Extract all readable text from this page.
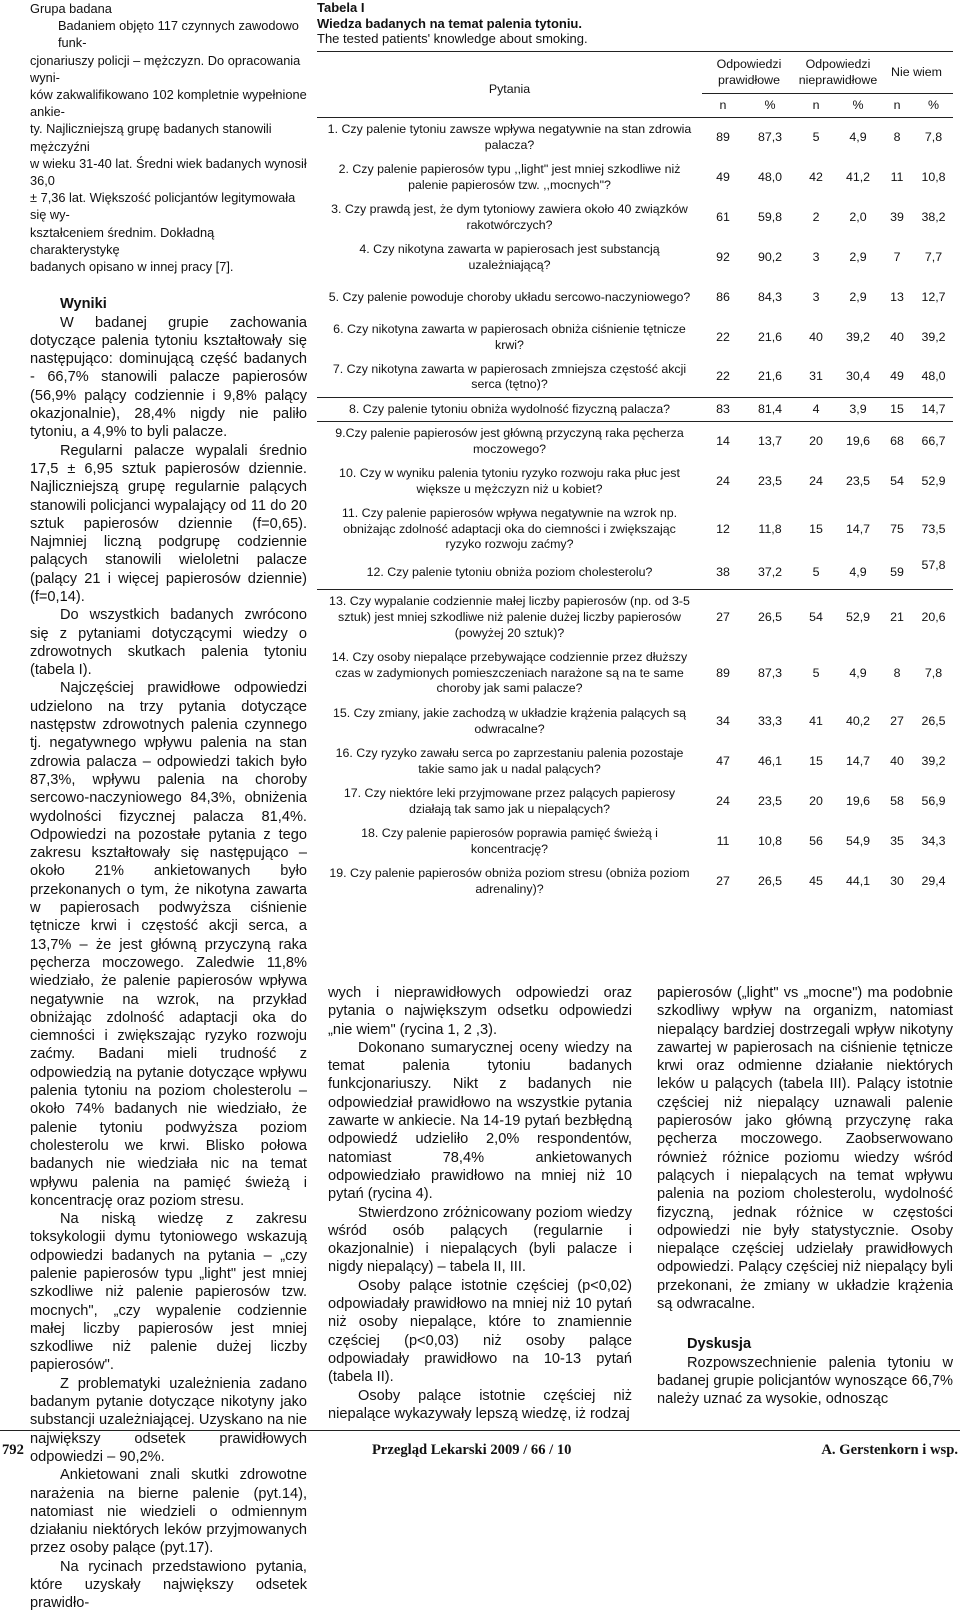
Grupa badana

Badaniem objęto 117 czynnych zawodowo funk-

cjonariuszy policji – mężczyzn. Do opracowania wyni-

ków zakwalifikowano 102 kompletnie wypełnione ankie-

ty. Najliczniejszą grupę badanych stanowili mężczyźni

w wieku 31-40 lat. Średni wiek badanych wynosił 36,0

± 7,36 lat. Większość policjantów legitymowała się wy-

kształceniem średnim. Dokładną charakterystykę

badanych opisano w innej pracy [7].

Wyniki

W badanej grupie zachowania dotyczące palenia tytoniu kształtowały się następująco: dominującą część badanych - 66,7% stanowili palacze papierosów (56,9% palący codziennie i 9,8% palący okazjonalnie), 28,4% nigdy nie paliło tytoniu, a 4,9% to byli palacze.

Regularni palacze wypalali średnio 17,5 ± 6,95 sztuk papierosów dziennie. Najliczniejszą grupę regularnie palących stanowili policjanci wypalający od 11 do 20 sztuk papierosów dziennie (f=0,65). Najmniej liczną podgrupę codziennie palących stanowili wieloletni palacze (palący 21 i więcej papierosów dziennie) (f=0,14).

Do wszystkich badanych zwrócono się z pytaniami dotyczącymi wiedzy o zdrowotnych skutkach palenia tytoniu (tabela I).

Najczęściej prawidłowe odpowiedzi udzielono na trzy pytania dotyczące następstw zdrowotnych palenia czynnego tj. negatywnego wpływu palenia na stan zdrowia palacza – odpowiedzi takich było 87,3%, wpływu palenia na choroby sercowo-naczyniowego 84,3%, obniżenia wydolności fizycznej palacza 81,4%. Odpowiedzi na pozostałe pytania z tego zakresu kształtowały się następująco – około 21% ankietowanych było przekonanych o tym, że nikotyna zawarta w papierosach podwyższa ciśnienie tętnicze krwi i częstość akcji serca, a 13,7% – że jest główną przyczyną raka pęcherza moczowego. Zaledwie 11,8% wiedziało, że palenie papierosów wpływa negatywnie na wzrok, na przykład obniżając zdolność adaptacji oka do ciemności i zwiększając ryzyko rozwoju zaćmy. Badani mieli trudność z odpowiedzią na pytanie dotyczące wpływu palenia tytoniu na poziom cholesterolu – około 74% badanych nie wiedziało, że palenie tytoniu podwyższa poziom cholesterolu we krwi. Blisko połowa badanych nie wiedziała nic na temat wpływu palenia na pamięć świeżą i koncentrację oraz poziom stresu.

Na niską wiedzę z zakresu toksykologii dymu tytoniowego wskazują odpowiedzi badanych na pytania – „czy palenie papierosów typu „light" jest mniej szkodliwe niż palenie papierosów tzw. mocnych", „czy wypalenie codziennie małej liczby papierosów jest mniej szkodliwe niż palenie dużej liczby papierosów".

Z problematyki uzależnienia zadano badanym pytanie dotyczące nikotyny jako substancji uzależniającej. Uzyskano na nie największy odsetek prawidłowych odpowiedzi – 90,2%.

Ankietowani znali skutki zdrowotne narażenia na bierne palenie (pyt.14), natomiast nie wiedzieli o odmiennym działaniu niektórych leków przyjmowanych przez osoby palące (pyt.17).

Na rycinach przedstawiono pytania, które uzyskały największy odsetek prawidło-

Tabela I
Wiedza badanych na temat palenia tytoniu.
The tested patients' knowledge about smoking.
Pytania	Odpowiedzi prawidłowe		Odpowiedzi nieprawidłowe		Nie wiem	
	n	%	n	%	n	%
1. Czy palenie tytoniu zawsze wpływa negatywnie na stan zdrowia palacza?	89	87,3	5	4,9	8	7,8
2. Czy palenie papierosów typu ,,light" jest mniej szkodliwe niż palenie papierosów tzw. ,,mocnych"?	49	48,0	42	41,2	11	10,8
3. Czy prawdą jest, że dym tytoniowy zawiera około 40 związków rakotwórczych?	61	59,8	2	2,0	39	38,2
4. Czy nikotyna zawarta w papierosach jest substancją uzależniającą?	92	90,2	3	2,9	7	7,7
5. Czy palenie powoduje choroby układu sercowo-naczyniowego?	86	84,3	3	2,9	13	12,7
6. Czy nikotyna zawarta w papierosach obniża ciśnienie tętnicze krwi?	22	21,6	40	39,2	40	39,2
7. Czy nikotyna zawarta w papierosach zmniejsza częstość akcji serca (tętno)?	22	21,6	31	30,4	49	48,0
8. Czy palenie tytoniu obniża wydolność fizyczną palacza?	83	81,4	4	3,9	15	14,7
9.Czy palenie papierosów jest główną przyczyną raka pęcherza moczowego?	14	13,7	20	19,6	68	66,7
10. Czy w wyniku palenia tytoniu ryzyko rozwoju raka płuc jest większe u mężczyzn niż u kobiet?	24	23,5	24	23,5	54	52,9
11. Czy palenie papierosów wpływa negatywnie na wzrok np. obniżając zdolność adaptacji oka do ciemności i zwiększając ryzyko rozwoju zaćmy?	12	11,8	15	14,7	75	73,5
12. Czy palenie tytoniu obniża poziom cholesterolu?	38	37,2	5	4,9	59	57,8
13. Czy wypalanie codziennie małej liczby papierosów (np. od 3-5 sztuk) jest mniej szkodliwe niż palenie dużej liczby papierosów (powyżej 20 sztuk)?	27	26,5	54	52,9	21	20,6
14. Czy osoby niepalące przebywające codziennie przez dłuższy czas w zadymionych pomieszczeniach narażone są na te same choroby jak sami palacze?	89	87,3	5	4,9	8	7,8
15. Czy zmiany, jakie zachodzą w układzie krążenia palących są odwracalne?	34	33,3	41	40,2	27	26,5
16. Czy ryzyko zawału serca po zaprzestaniu palenia pozostaje takie samo jak u nadal palących?	47	46,1	15	14,7	40	39,2
17. Czy niektóre leki przyjmowane przez palących papierosy działają tak samo jak u niepalących?	24	23,5	20	19,6	58	56,9
18. Czy palenie papierosów poprawia pamięć świeżą i koncentrację?	11	10,8	56	54,9	35	34,3
19. Czy palenie papierosów obniża poziom stresu (obniża poziom adrenaliny)?	27	26,5	45	44,1	30	29,4

wych i nieprawidłowych odpowiedzi oraz pytania o największym odsetku odpowiedzi „nie wiem" (rycina 1, 2 ,3).

Dokonano sumarycznej oceny wiedzy na temat palenia tytoniu badanych funkcjonariuszy. Nikt z badanych nie odpowiedział prawidłowo na wszystkie pytania zawarte w ankiecie. Na 14-19 pytań bezbłędną odpowiedź udzieliło 2,0% respondentów, natomiast 78,4% ankietowanych odpowiedziało prawidłowo na mniej niż 10 pytań (rycina 4).

Stwierdzono zróżnicowany poziom wiedzy wśród osób palących (regularnie i okazjonalnie) i niepalących (byli palacze i nigdy niepalący) – tabela II, III.

Osoby palące istotnie częściej (p<0,02) odpowiadały prawidłowo na mniej niż 10 pytań niż osoby niepalące, które to znamiennie częściej (p<0,03) niż osoby palące odpowiadały prawidłowo na 10-13 pytań (tabela II).

Osoby palące istotnie częściej niż niepalące wykazywały lepszą wiedzę, iż rodzaj

papierosów („light" vs „mocne") ma podobnie szkodliwy wpływ na organizm, natomiast niepalący bardziej dostrzegali wpływ nikotyny zawartej w papierosach na ciśnienie tętnicze krwi oraz odmienne działanie niektórych leków u palących (tabela III). Palący istotnie częściej niż niepalący uznawali palenie papierosów jako główną przyczynę raka pęcherza moczowego. Zaobserwowano również różnice poziomu wiedzy wśród palących i niepalących na temat wpływu palenia na poziom cholesterolu, wydolność fizyczną, jednak różnice w częstości odpowiedzi nie były statystycznie. Osoby niepalące częściej udzielały prawidłowych odpowiedzi. Palący częściej niż niepalący byli przekonani, że zmiany w układzie krążenia są odwracalne.

Dyskusja

Rozpowszechnienie palenia tytoniu w badanej grupie policjantów wynoszące 66,7% należy uznać za wysokie, odnosząc

792	Przegląd Lekarski 2009 / 66 / 10	A. Gerstenkorn i wsp.
